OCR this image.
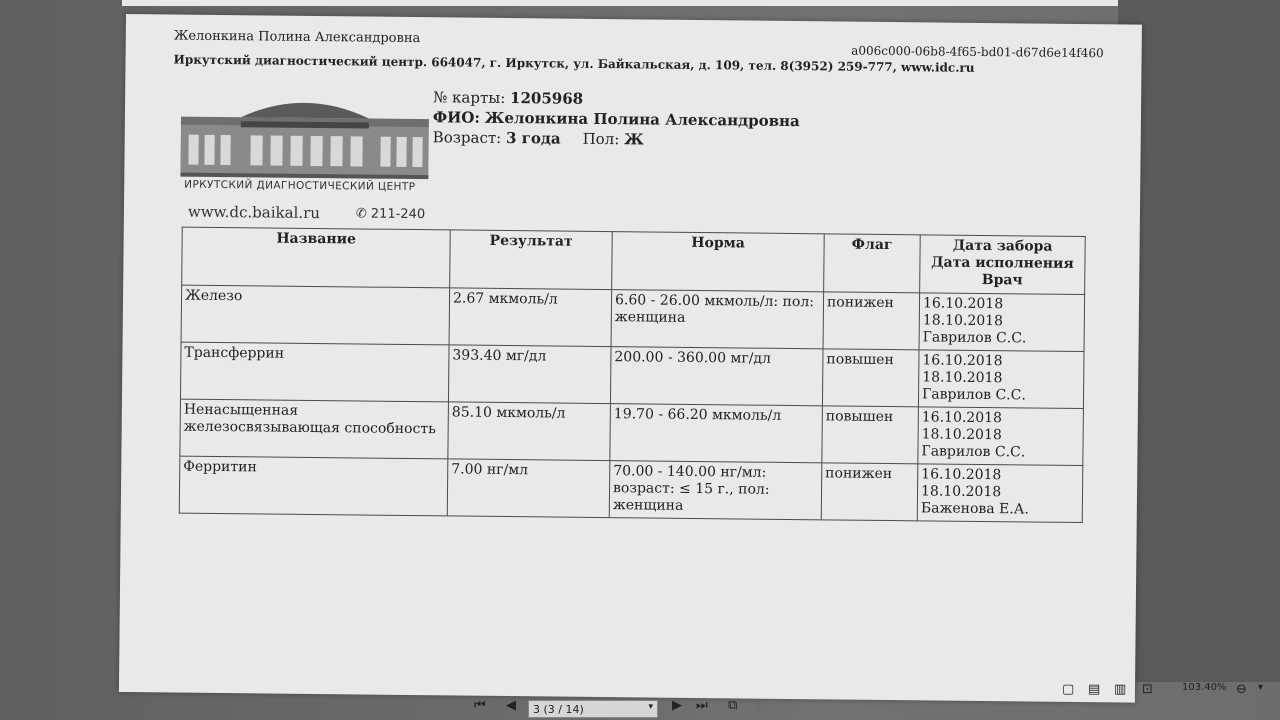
Желонкина Полина Александровна
a006c000-06b8-4f65-bd01-d67d6e14f460
Иркутский диагностический центр. 664047, г. Иркутск, ул. Байкальская, д. 109, тел. 8(3952) 259-777, www.idc.ru
ИРКУТСКИЙ ДИАГНОСТИЧЕСКИЙ ЦЕНТР
www.dc.baikal.ru	✆ 211-240
№ карты: 1205968
ФИО: Желонкина Полина Александровна
Возраст: 3 года Пол: Ж
Название	Результат	Норма	Флаг	Дата забора
Дата исполнения
Врач

Железо	2.67 мкмоль/л	6.60 - 26.00 мкмоль/л: пол: женщина	понижен	16.10.2018
18.10.2018
Гаврилов С.С.

Трансферрин	393.40 мг/дл	200.00 - 360.00 мг/дл	повышен	16.10.2018
18.10.2018
Гаврилов С.С.

Ненасыщенная железосвязывающая способность	85.10 мкмоль/л	19.70 - 66.20 мкмоль/л	повышен	16.10.2018
18.10.2018
Гаврилов С.С.

Ферритин	7.00 нг/мл	70.00 - 140.00 нг/мл: возраст: ≤ 15 г., пол: женщина	понижен	16.10.2018
18.10.2018
Баженова Е.А.
⏮ ◀	3 (3 / 14)	▾ ▶ ⏭ ⧉ ⎙
▢ ▤ ▥ ⊡	103.40% ⊖ ▾
